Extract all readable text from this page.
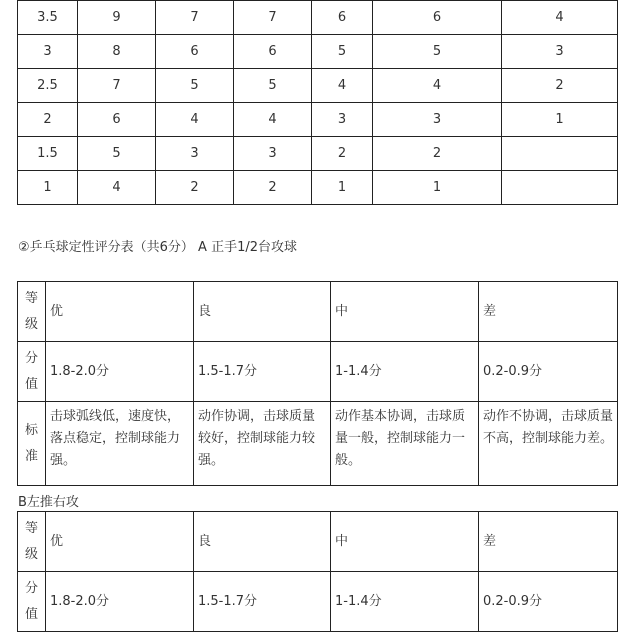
3.5	9	7	7	6	6	4
3	8	6	6	5	5	3
2.5	7	5	5	4	4	2
2	6	4	4	3	3	1
1.5	5	3	3	2	2	
1	4	2	2	1	1	
②乒乓球定性评分表（共6分） A 正手1/2台攻球
等
级	优	良	中	差

分
值	1.8-2.0分	1.5-1.7分	1-1.4分	0.2-0.9分

标
准	击球弧线低，速度快，落点稳定，控制球能力强。	动作协调，击球质量较好，控制球能力较强。	动作基本协调，击球质量一般，控制球能力一般。	动作不协调，击球质量不高，控制球能力差。
B左推右攻
等
级	优	良	中	差

分
值	1.8-2.0分	1.5-1.7分	1-1.4分	0.2-0.9分
